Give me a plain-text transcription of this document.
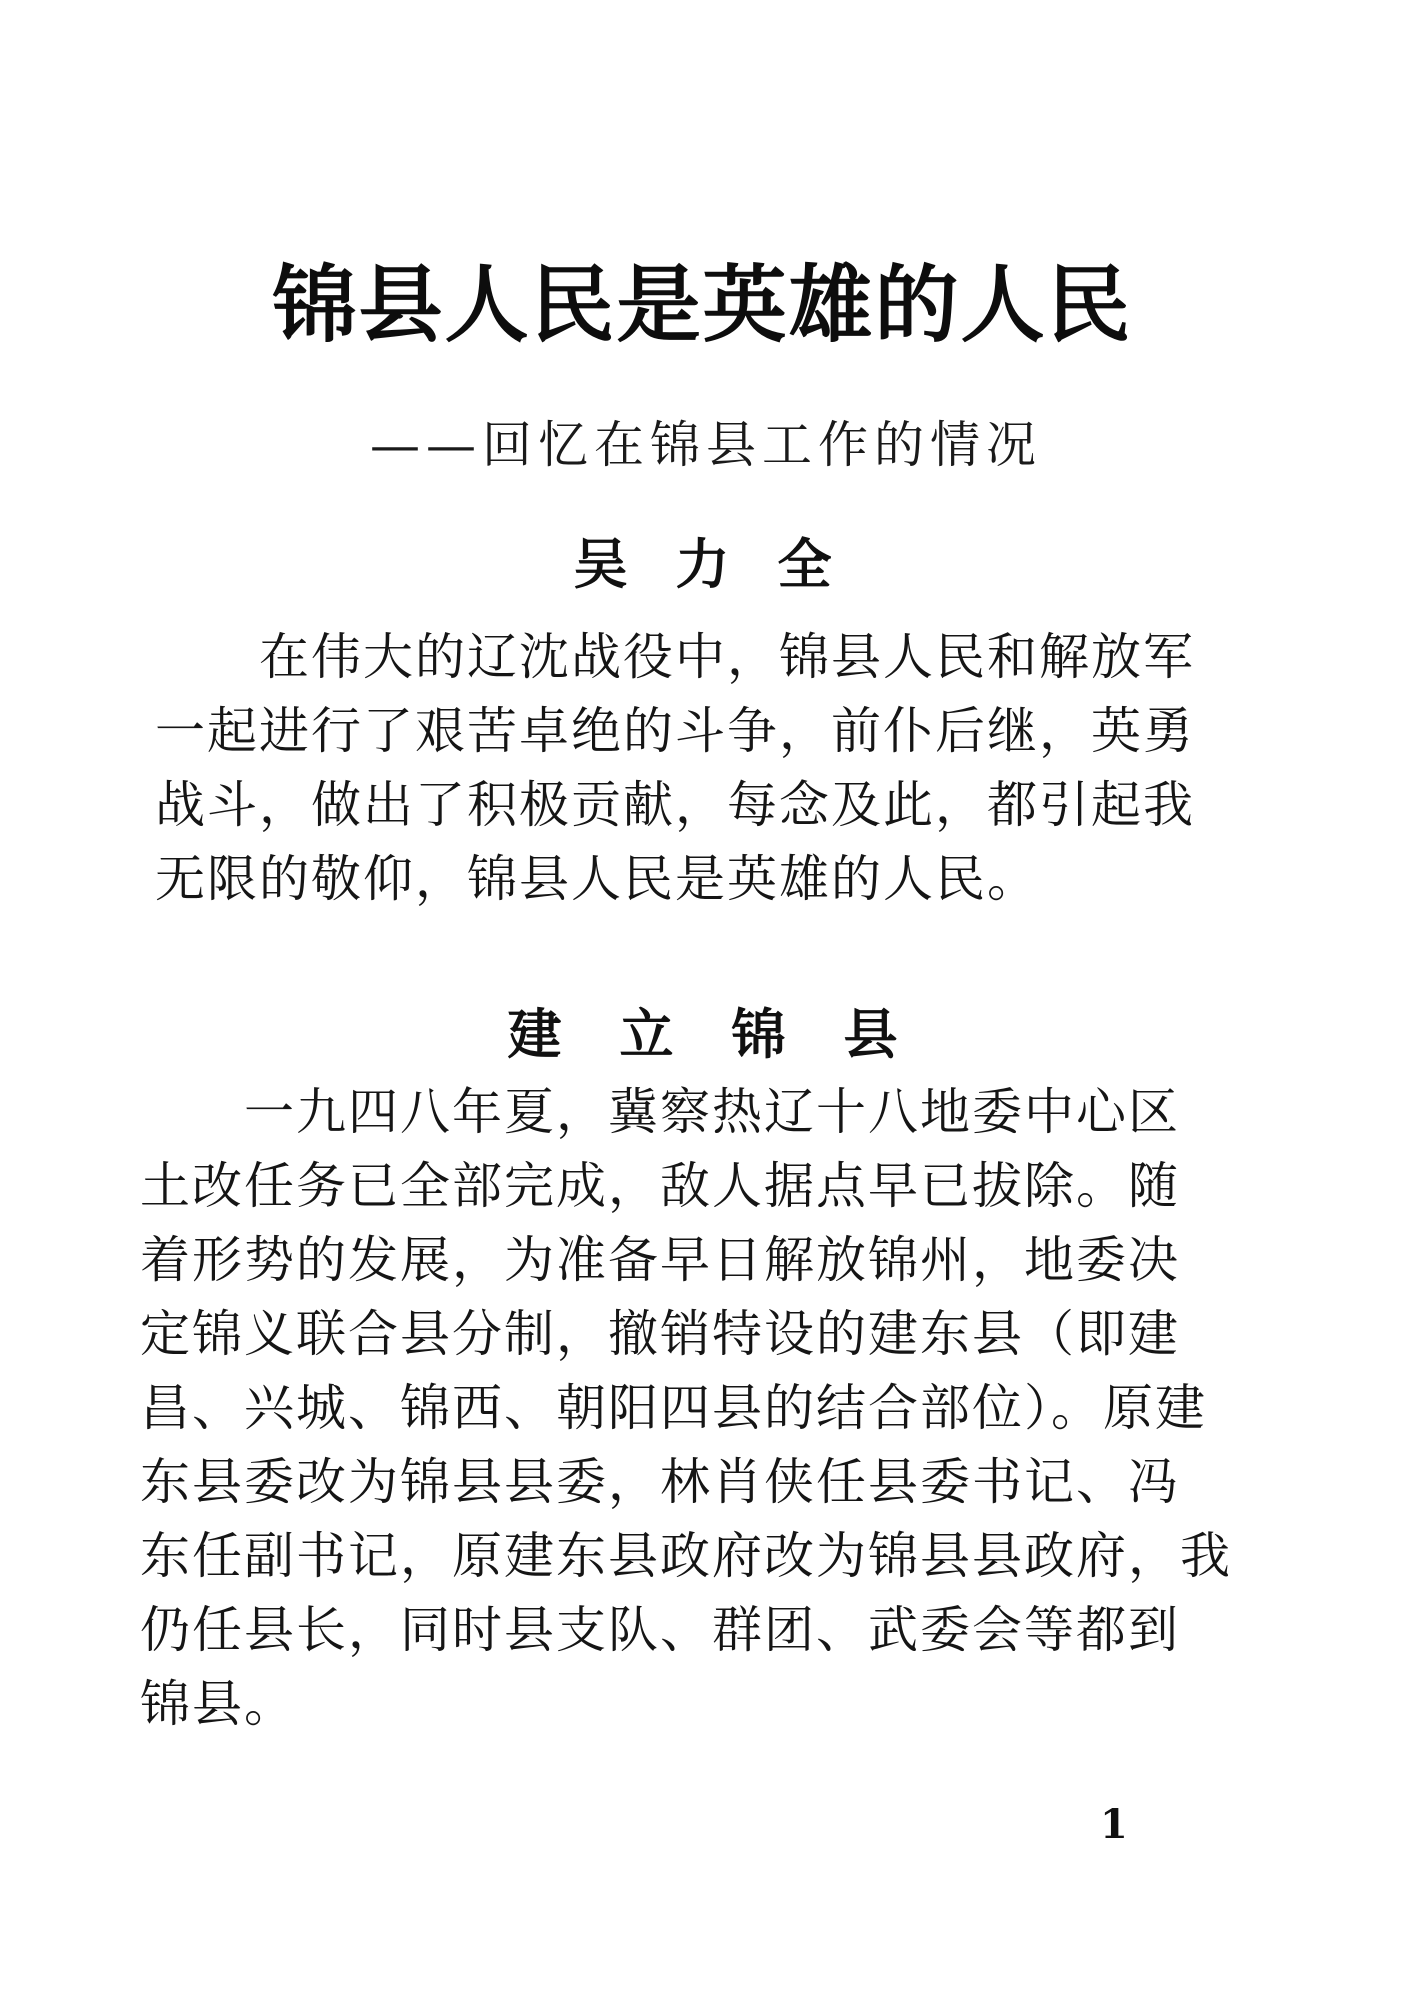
锦县人民是英雄的人民
——回忆在锦县工作的情况
吴力全
　　在伟大的辽沈战役中，锦县人民和解放军
一起进行了艰苦卓绝的斗争，前仆后继，英勇
战斗，做出了积极贡献，每念及此，都引起我
无限的敬仰，锦县人民是英雄的人民。
建立锦县
　　一九四八年夏，冀察热辽十八地委中心区
土改任务已全部完成，敌人据点早已拔除。随
着形势的发展，为准备早日解放锦州，地委决
定锦义联合县分制，撤销特设的建东县（即建
昌、兴城、锦西、朝阳四县的结合部位）。原建
东县委改为锦县县委，林肖侠任县委书记、冯
东任副书记，原建东县政府改为锦县县政府，我
仍任县长，同时县支队、群团、武委会等都到
锦县。
1
